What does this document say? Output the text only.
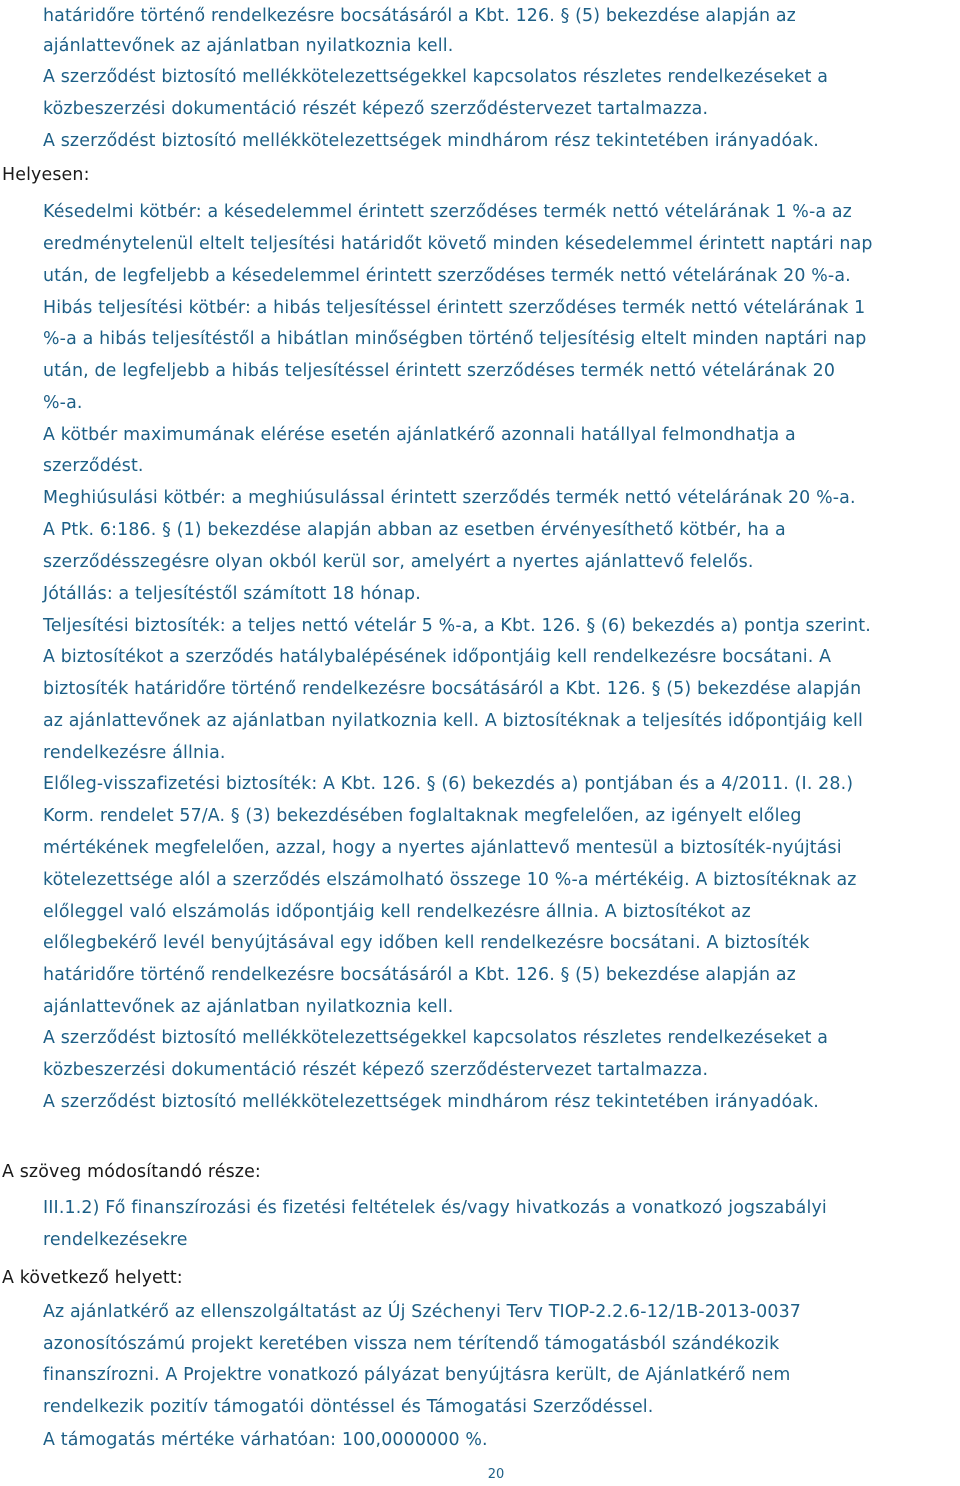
határidőre történő rendelkezésre bocsátásáról a Kbt. 126. § (5) bekezdése alapján az
ajánlattevőnek az ajánlatban nyilatkoznia kell.
A szerződést biztosító mellékkötelezettségekkel kapcsolatos részletes rendelkezéseket a
közbeszerzési dokumentáció részét képező szerződéstervezet tartalmazza.
A szerződést biztosító mellékkötelezettségek mindhárom rész tekintetében irányadóak.
Helyesen:
Késedelmi kötbér: a késedelemmel érintett szerződéses termék nettó vételárának 1 %-a az
eredménytelenül eltelt teljesítési határidőt követő minden késedelemmel érintett naptári nap
után, de legfeljebb a késedelemmel érintett szerződéses termék nettó vételárának 20 %-a.
Hibás teljesítési kötbér: a hibás teljesítéssel érintett szerződéses termék nettó vételárának 1
%-a a hibás teljesítéstől a hibátlan minőségben történő teljesítésig eltelt minden naptári nap
után, de legfeljebb a hibás teljesítéssel érintett szerződéses termék nettó vételárának 20
%-a.
A kötbér maximumának elérése esetén ajánlatkérő azonnali hatállyal felmondhatja a
szerződést.
Meghiúsulási kötbér: a meghiúsulással érintett szerződés termék nettó vételárának 20 %-a.
A Ptk. 6:186. § (1) bekezdése alapján abban az esetben érvényesíthető kötbér, ha a
szerződésszegésre olyan okból kerül sor, amelyért a nyertes ajánlattevő felelős.
Jótállás: a teljesítéstől számított 18 hónap.
Teljesítési biztosíték: a teljes nettó vételár 5 %-a, a Kbt. 126. § (6) bekezdés a) pontja szerint.
A biztosítékot a szerződés hatálybalépésének időpontjáig kell rendelkezésre bocsátani. A
biztosíték határidőre történő rendelkezésre bocsátásáról a Kbt. 126. § (5) bekezdése alapján
az ajánlattevőnek az ajánlatban nyilatkoznia kell. A biztosítéknak a teljesítés időpontjáig kell
rendelkezésre állnia.
Előleg-visszafizetési biztosíték: A Kbt. 126. § (6) bekezdés a) pontjában és a 4/2011. (I. 28.)
Korm. rendelet 57/A. § (3) bekezdésében foglaltaknak megfelelően, az igényelt előleg
mértékének megfelelően, azzal, hogy a nyertes ajánlattevő mentesül a biztosíték-nyújtási
kötelezettsége alól a szerződés elszámolható összege 10 %-a mértékéig. A biztosítéknak az
előleggel való elszámolás időpontjáig kell rendelkezésre állnia. A biztosítékot az
előlegbekérő levél benyújtásával egy időben kell rendelkezésre bocsátani. A biztosíték
határidőre történő rendelkezésre bocsátásáról a Kbt. 126. § (5) bekezdése alapján az
ajánlattevőnek az ajánlatban nyilatkoznia kell.
A szerződést biztosító mellékkötelezettségekkel kapcsolatos részletes rendelkezéseket a
közbeszerzési dokumentáció részét képező szerződéstervezet tartalmazza.
A szerződést biztosító mellékkötelezettségek mindhárom rész tekintetében irányadóak.
A szöveg módosítandó része:
III.1.2) Fő finanszírozási és fizetési feltételek és/vagy hivatkozás a vonatkozó jogszabályi
rendelkezésekre
A következő helyett:
Az ajánlatkérő az ellenszolgáltatást az Új Széchenyi Terv TIOP-2.2.6-12/1B-2013-0037
azonosítószámú projekt keretében vissza nem térítendő támogatásból szándékozik
finanszírozni. A Projektre vonatkozó pályázat benyújtásra került, de Ajánlatkérő nem
rendelkezik pozitív támogatói döntéssel és Támogatási Szerződéssel.
A támogatás mértéke várhatóan: 100,0000000 %.
20
